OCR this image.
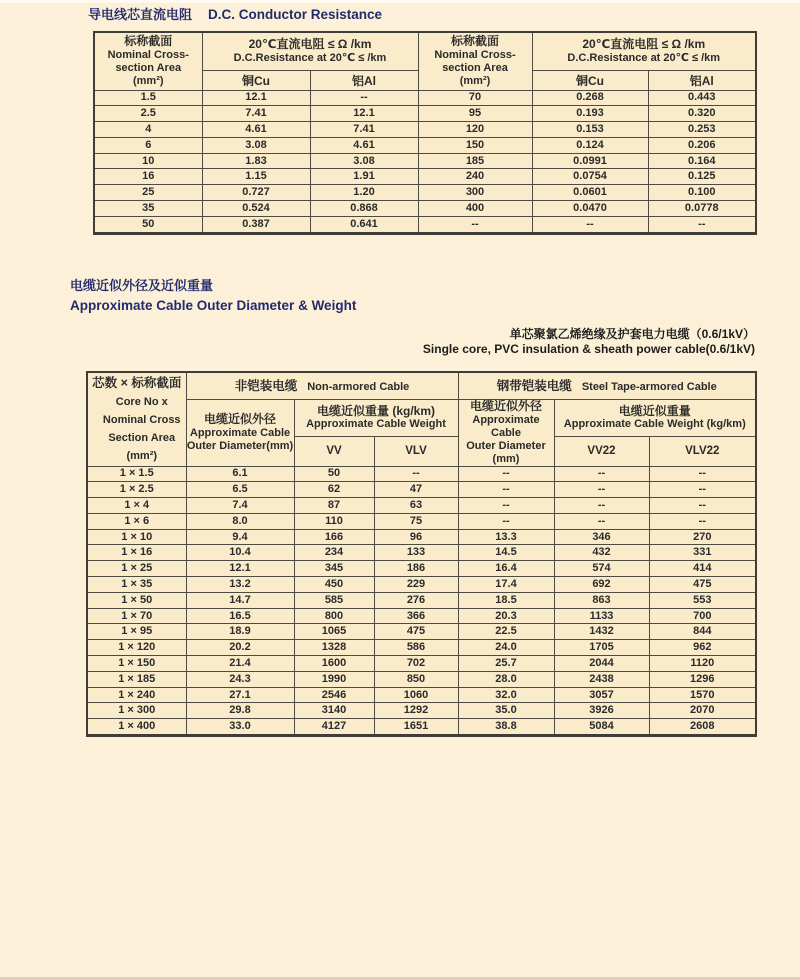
导电线芯直流电阻 D.C. Conductor Resistance
标称截面
Nominal Cross-
section Area
(mm²)

20℃直流电阻 ≤ Ω /km
D.C.Resistance at 20℃ ≤ /km

标称截面
Nominal Cross-
section Area
(mm²)

20℃直流电阻 ≤ Ω /km
D.C.Resistance at 20℃ ≤ /km

	铜Cu	铝Al		铜Cu	铝Al
1.5	12.1	--	70	0.268	0.443
2.5	7.41	12.1	95	0.193	0.320
4	4.61	7.41	120	0.153	0.253
6	3.08	4.61	150	0.124	0.206
10	1.83	3.08	185	0.0991	0.164
16	1.15	1.91	240	0.0754	0.125
25	0.727	1.20	300	0.0601	0.100
35	0.524	0.868	400	0.0470	0.0778
50	0.387	0.641	--	--	--
电缆近似外径及近似重量
Approximate Cable Outer Diameter & Weight
单芯聚氯乙烯绝缘及护套电力电缆（0.6/1kV）
Single core, PVC insulation & sheath power cable(0.6/1kV)
芯数 × 标称截面 Core No x Nominal Cross Section Area (mm²)	非铠装电缆 Non-armored Cable			钢带铠装电缆 Steel Tape-armored Cable		

电缆近似外径
Approximate Cable
Outer Diameter(mm)

电缆近似重量 (kg/km)
Approximate Cable Weight

电缆近似外径
Approximate Cable
Outer Diameter
(mm)

电缆近似重量
Approximate Cable Weight (kg/km)

		VV	VLV		VV22	VLV22
1 × 1.5	6.1	50	--	--	--	--
1 × 2.5	6.5	62	47	--	--	--
1 × 4	7.4	87	63	--	--	--
1 × 6	8.0	110	75	--	--	--
1 × 10	9.4	166	96	13.3	346	270
1 × 16	10.4	234	133	14.5	432	331
1 × 25	12.1	345	186	16.4	574	414
1 × 35	13.2	450	229	17.4	692	475
1 × 50	14.7	585	276	18.5	863	553
1 × 70	16.5	800	366	20.3	1133	700
1 × 95	18.9	1065	475	22.5	1432	844
1 × 120	20.2	1328	586	24.0	1705	962
1 × 150	21.4	1600	702	25.7	2044	1120
1 × 185	24.3	1990	850	28.0	2438	1296
1 × 240	27.1	2546	1060	32.0	3057	1570
1 × 300	29.8	3140	1292	35.0	3926	2070
1 × 400	33.0	4127	1651	38.8	5084	2608
